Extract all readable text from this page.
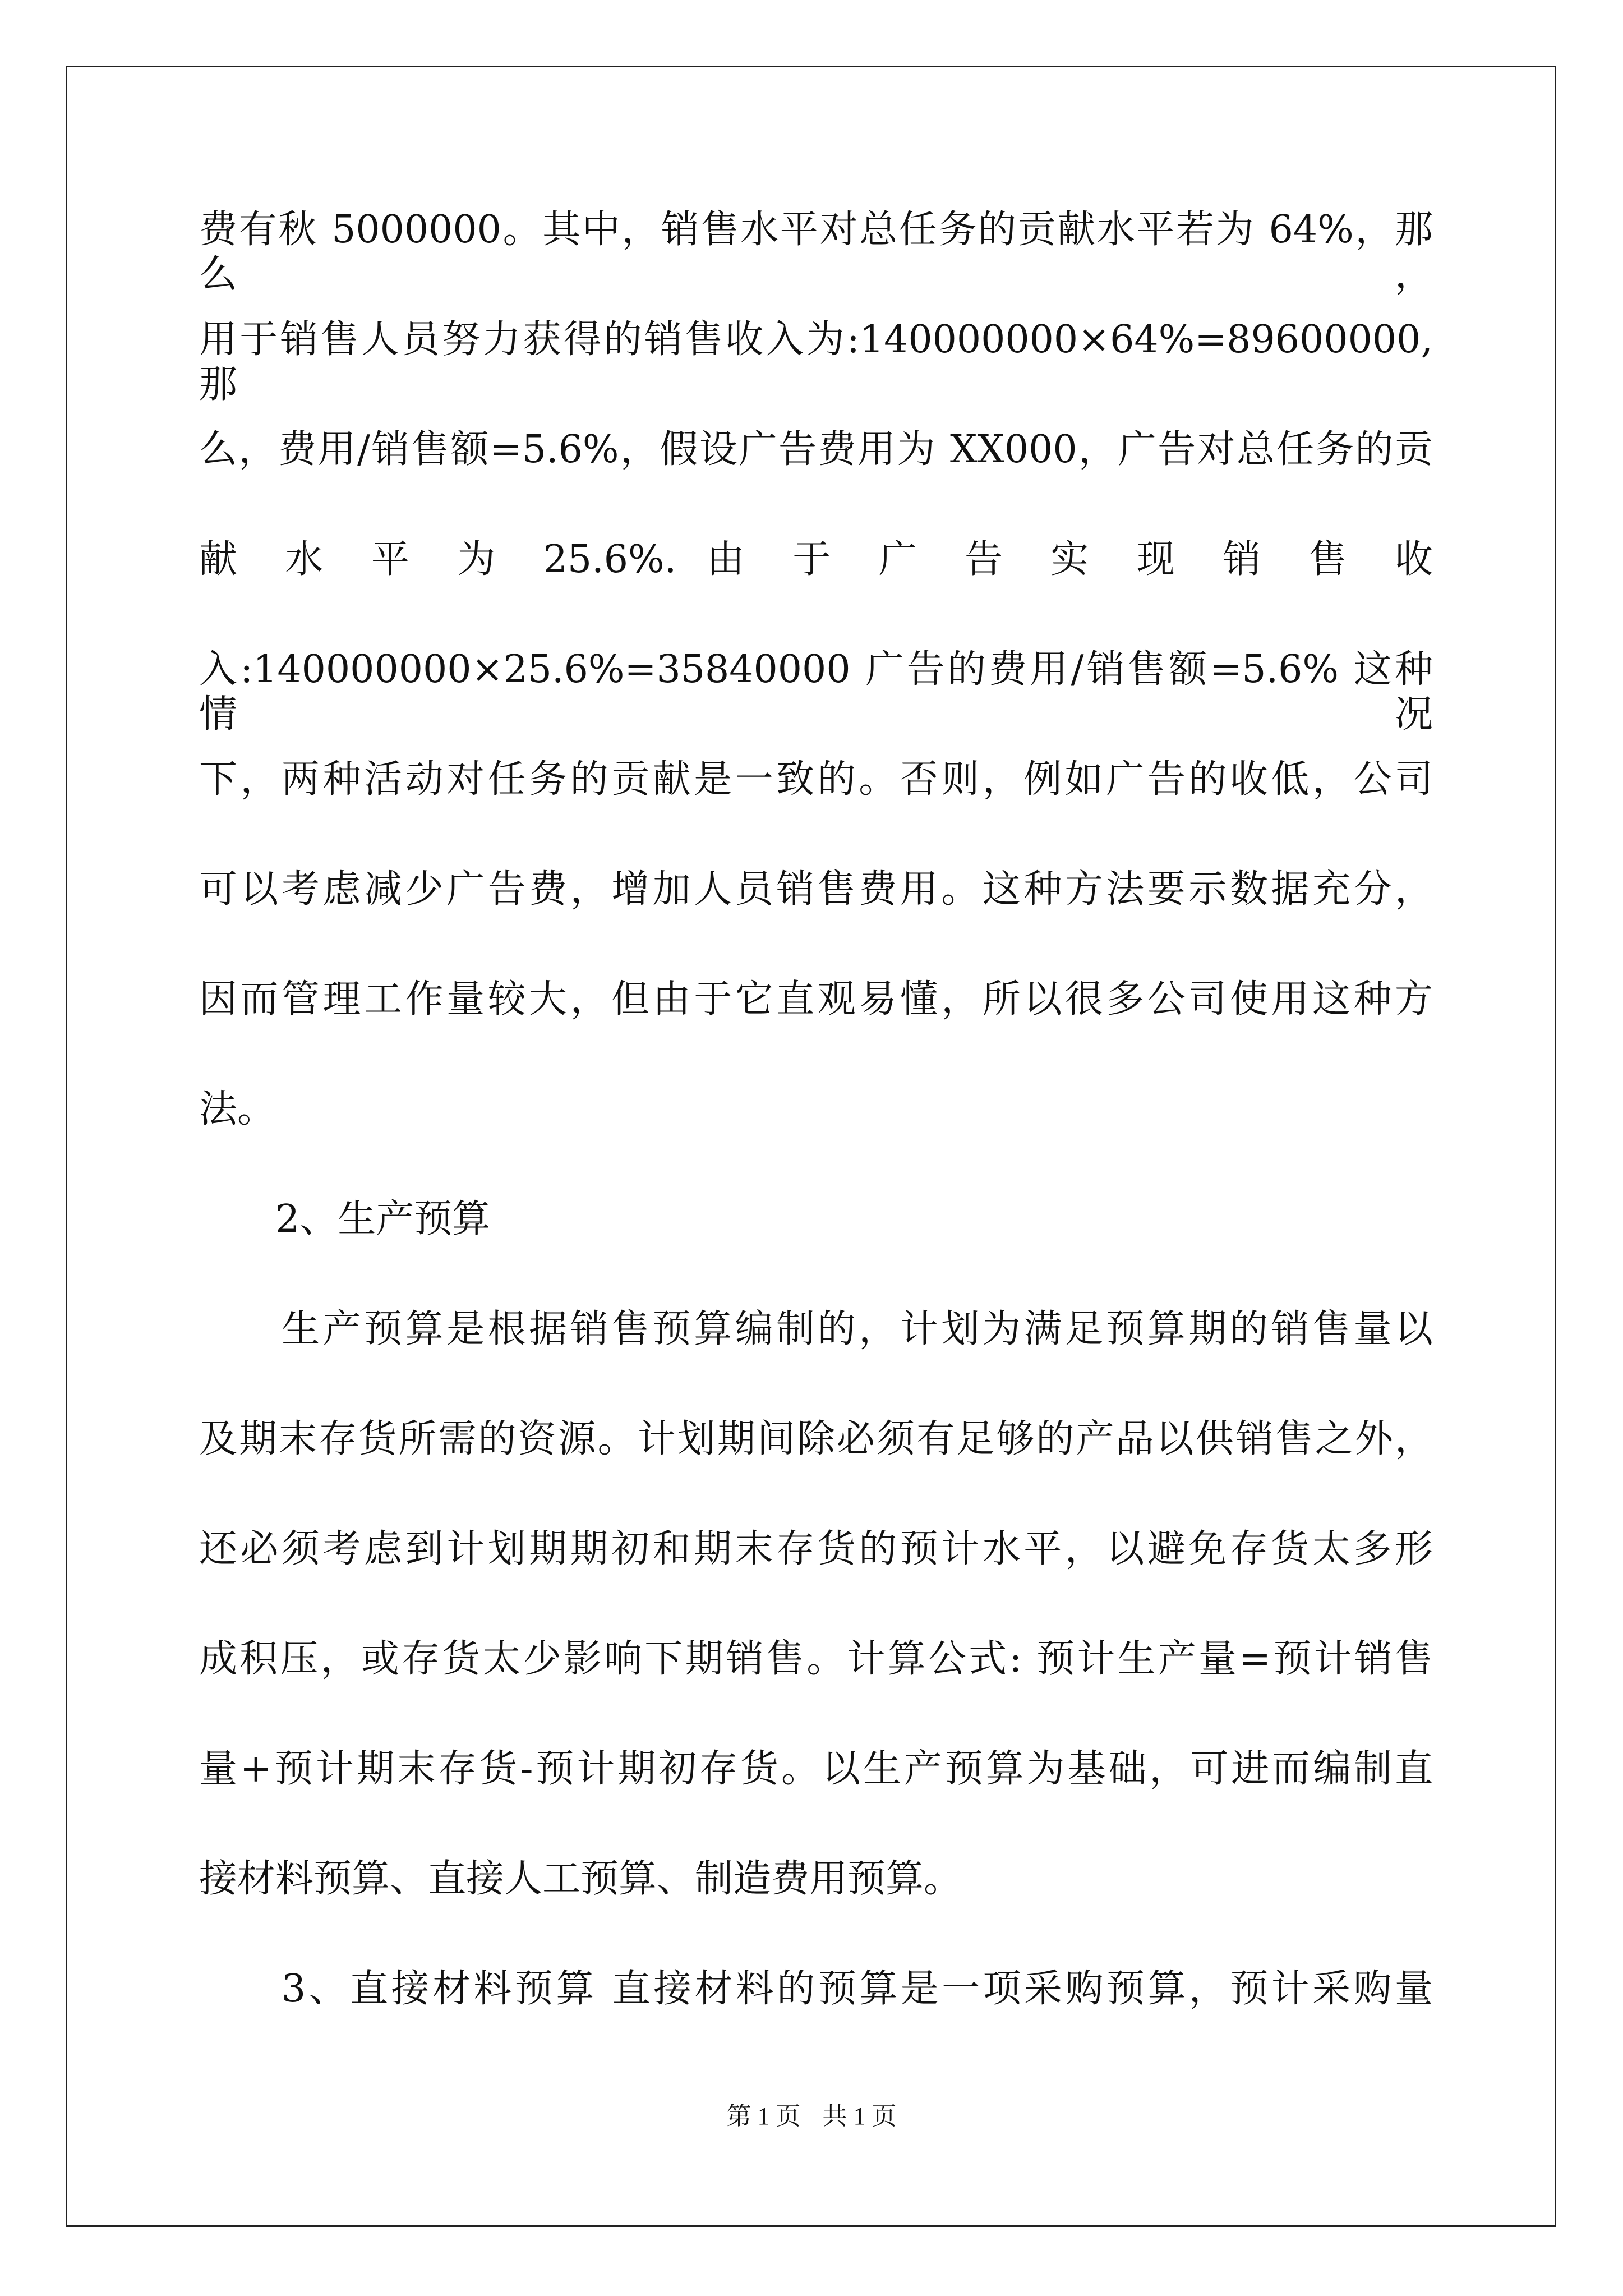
费有秋 5000000。其中，销售水平对总任务的贡献水平若为 64%，那么，
用于销售人员努力获得的销售收入为:140000000×64%=89600000,那
么，费用/销售额=5.6%，假设广告费用为 XX000，广告对总任务的贡
献 水 平 为 25.6%. 由 于 广 告 实 现 销 售 收
入:140000000×25.6%=35840000 广告的费用/销售额=5.6% 这种情况
下，两种活动对任务的贡献是一致的。否则，例如广告的收低，公司
可以考虑减少广告费，增加人员销售费用。这种方法要示数据充分，
因而管理工作量较大，但由于它直观易懂，所以很多公司使用这种方
法。
　　2、生产预算
　　生产预算是根据销售预算编制的，计划为满足预算期的销售量以
及期末存货所需的资源。计划期间除必须有足够的产品以供销售之外，
还必须考虑到计划期期初和期末存货的预计水平，以避免存货太多形
成积压，或存货太少影响下期销售。计算公式: 预计生产量=预计销售
量+预计期末存货-预计期初存货。以生产预算为基础，可进而编制直
接材料预算、直接人工预算、制造费用预算。
　　3、直接材料预算 直接材料的预算是一项采购预算，预计采购量
第 1 页 共 1 页
